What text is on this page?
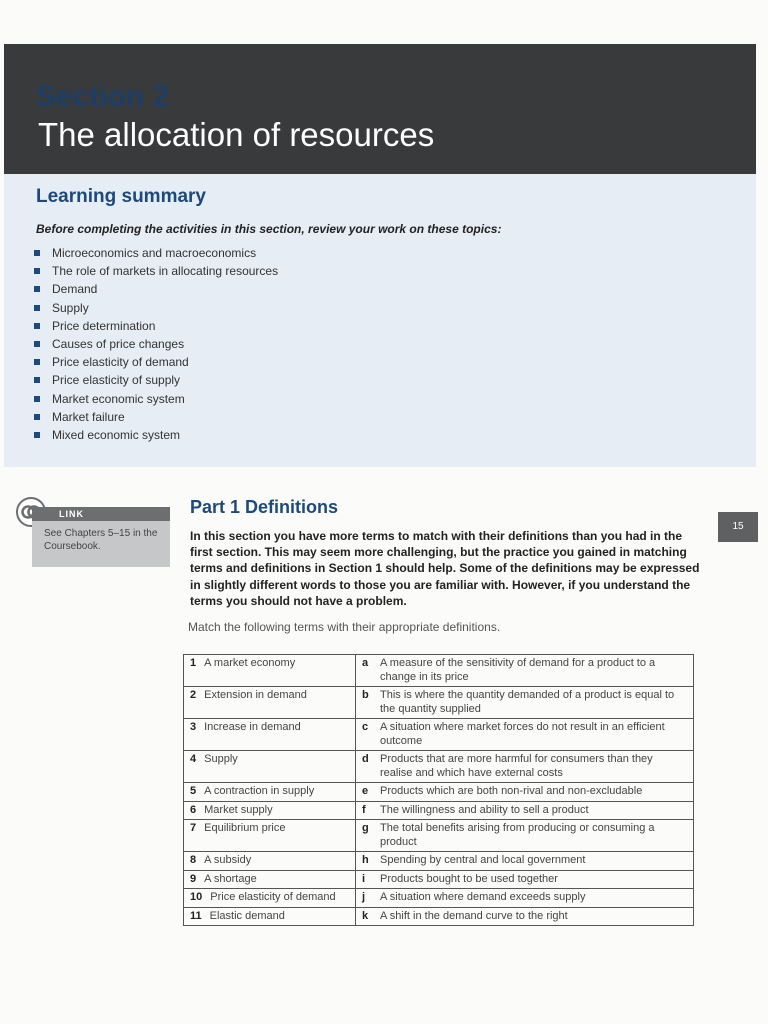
Section 2
The allocation of resources
Learning summary

Before completing the activities in this section, review your work on these topics:

Microeconomics and macroeconomics
The role of markets in allocating resources
Demand
Supply
Price determination
Causes of price changes
Price elasticity of demand
Price elasticity of supply
Market economic system
Market failure
Mixed economic system
LINK
See Chapters 5–15 in the Coursebook.
Part 1 Definitions

In this section you have more terms to match with their definitions than you had in the first section. This may seem more challenging, but the practice you gained in matching terms and definitions in Section 1 should help. Some of the definitions may be expressed in slightly different words to those you are familiar with. However, if you understand the terms you should not have a problem.

Match the following terms with their appropriate definitions.

15
1 A market economy	a A measure of the sensitivity of demand for a product to a change in its price
2 Extension in demand	b This is where the quantity demanded of a product is equal to the quantity supplied
3 Increase in demand	c A situation where market forces do not result in an efficient outcome
4 Supply	d Products that are more harmful for consumers than they realise and which have external costs
5 A contraction in supply	e Products which are both non-rival and non-excludable
6 Market supply	f The willingness and ability to sell a product
7 Equilibrium price	g The total benefits arising from producing or consuming a product
8 A subsidy	h Spending by central and local government
9 A shortage	i Products bought to be used together
10 Price elasticity of demand	j A situation where demand exceeds supply
11 Elastic demand	k A shift in the demand curve to the right
